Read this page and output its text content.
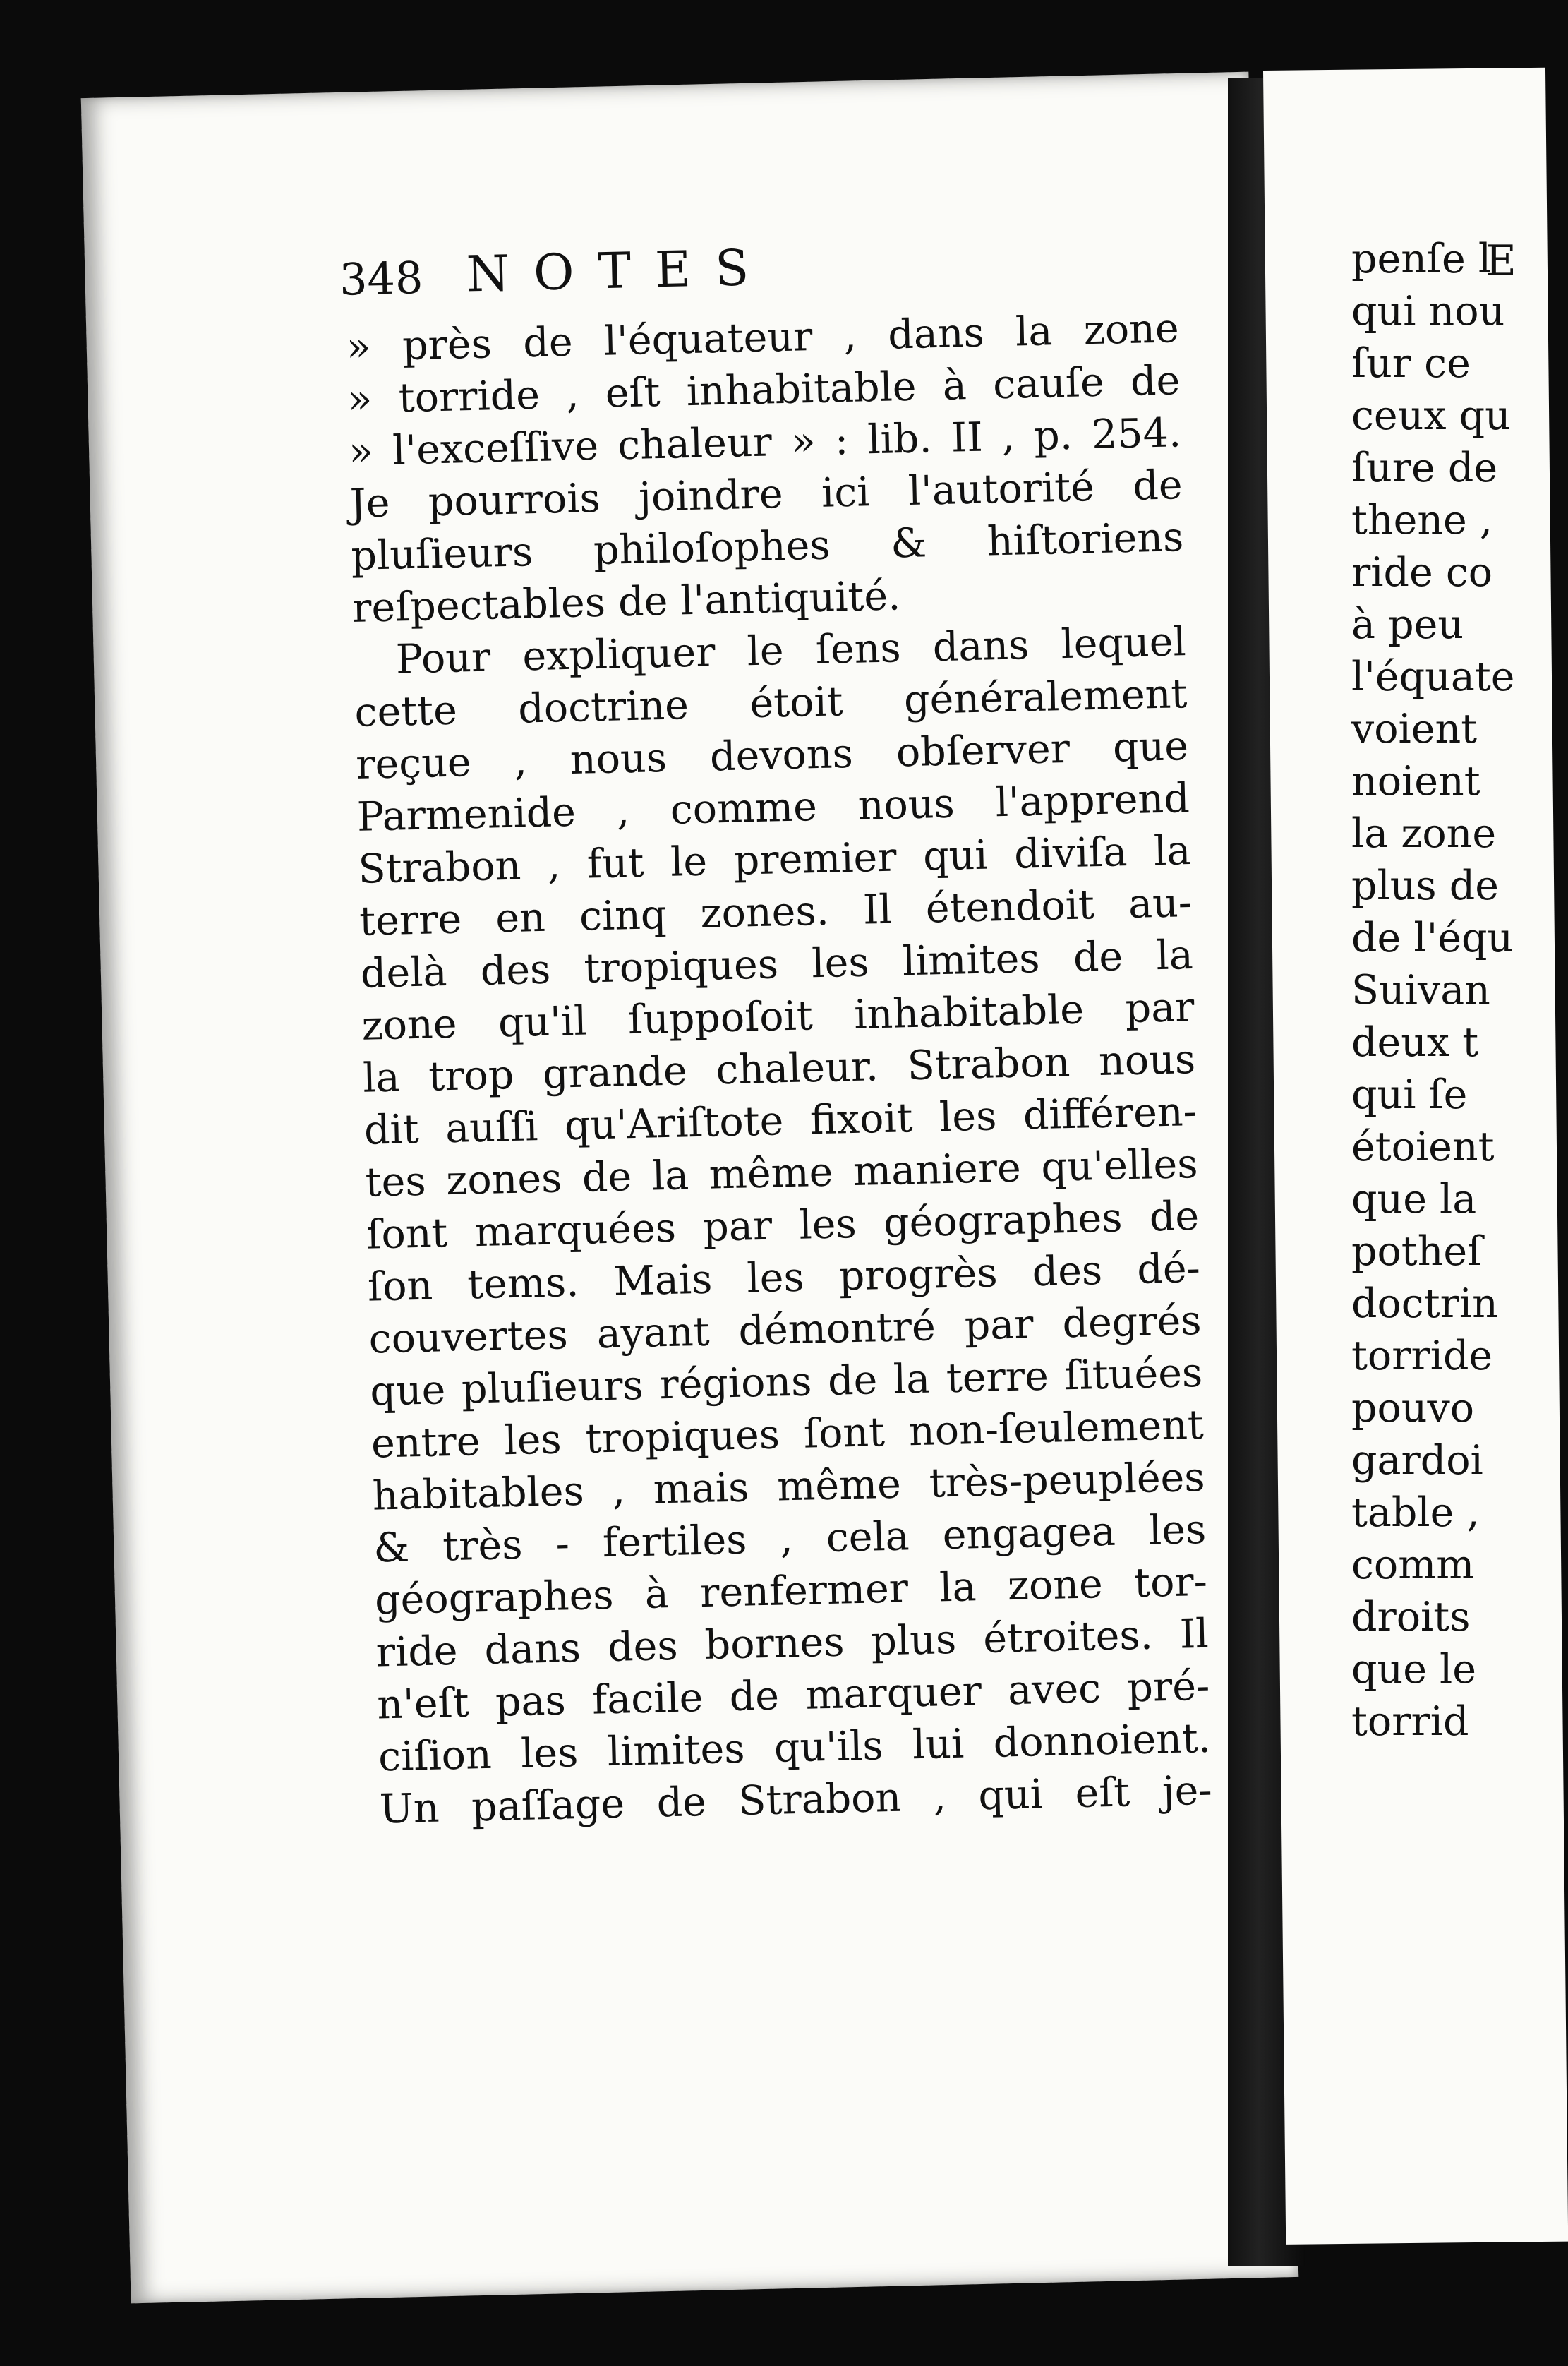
348 NOTES
» près de l'équateur , dans la zone
» torride , eſt inhabitable à cauſe de
» l'exceſſive chaleur » : lib. II , p. 254.
Je pourrois joindre ici l'autorité de
pluſieurs philoſophes & hiſtoriens
reſpectables de l'antiquité.
Pour expliquer le ſens dans lequel
cette doctrine étoit généralement
reçue , nous devons obſerver que
Parmenide , comme nous l'apprend
Strabon , fut le premier qui diviſa la
terre en cinq zones. Il étendoit au-
delà des tropiques les limites de la
zone qu'il ſuppoſoit inhabitable par
la trop grande chaleur. Strabon nous
dit auſſi qu'Ariſtote fixoit les différen-
tes zones de la même maniere qu'elles
ſont marquées par les géographes de
ſon tems. Mais les progrès des dé-
couvertes ayant démontré par degrés
que pluſieurs régions de la terre ſituées
entre les tropiques ſont non-ſeulement
habitables , mais même très-peuplées
& très - fertiles , cela engagea les
géographes à renfermer la zone tor-
ride dans des bornes plus étroites. Il
n'eſt pas facile de marquer avec pré-
ciſion les limites qu'ils lui donnoient.
Un paſſage de Strabon , qui eſt je-
E
penſe l
qui nou
ſur ce
ceux qu
ſure de
thene ,
ride co
à peu
l'équate
voient
noient
la zone
plus de
de l'équ
Suivan
deux t
qui ſe
étoient
que la
potheſ
doctrin
torride
pouvo
gardoi
table ,
comm
droits
que le
torrid
